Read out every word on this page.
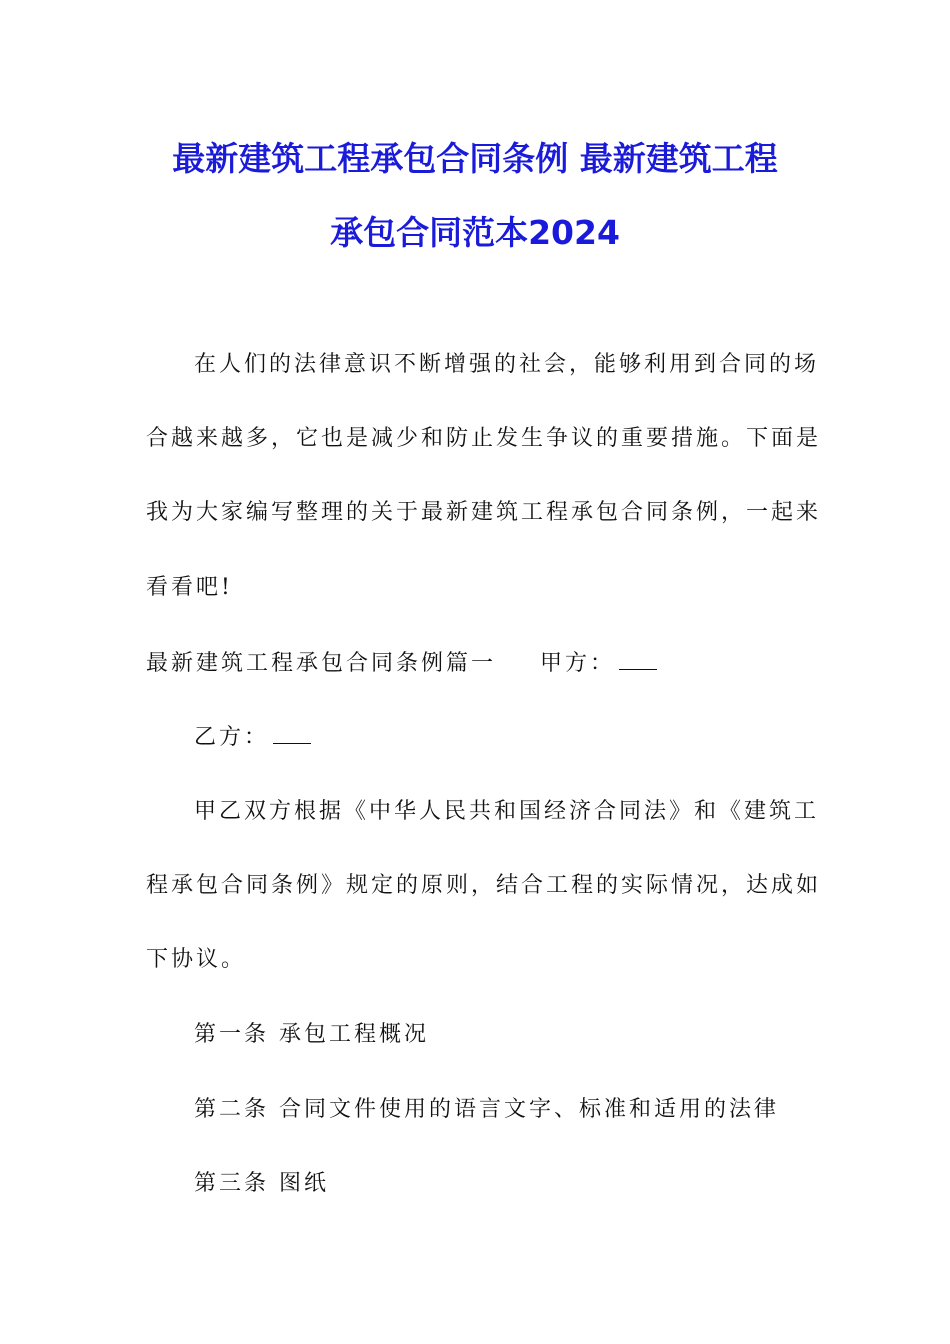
最新建筑工程承包合同条例 最新建筑工程
承包合同范本2024
在人们的法律意识不断增强的社会，能够利用到合同的场
合越来越多，它也是减少和防止发生争议的重要措施。下面是
我为大家编写整理的关于最新建筑工程承包合同条例，一起来
看看吧!
最新建筑工程承包合同条例篇一 甲方：
乙方：
甲乙双方根据《中华人民共和国经济合同法》和《建筑工
程承包合同条例》规定的原则，结合工程的实际情况，达成如
下协议。
第一条 承包工程概况
第二条 合同文件使用的语言文字、标准和适用的法律
第三条 图纸
